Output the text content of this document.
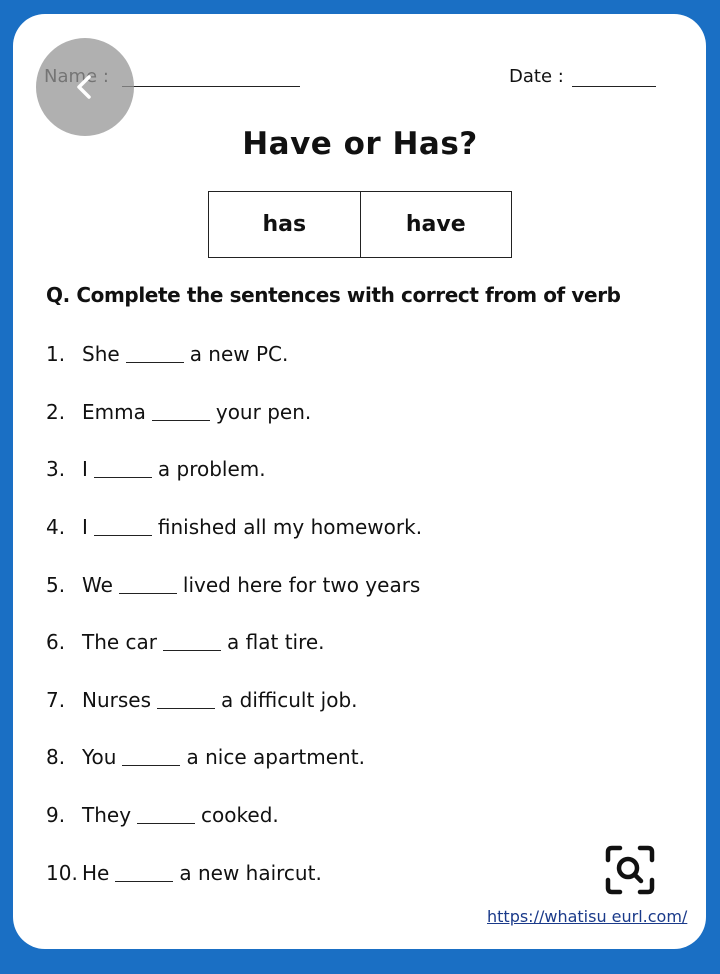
Date :
Have or Has?
has	have
Q. Complete the sentences with correct from of verb
1. She	a new PC.
2. Emma	your pen.
3. I	a problem.
4. I	finished all my homework.
5. We	lived here for two years
6. The car	a flat tire.
7. Nurses	a difficult job.
8. You	a nice apartment.
9. They	cooked.
10. He	a new haircut.
https://whatisu eurl.com/
